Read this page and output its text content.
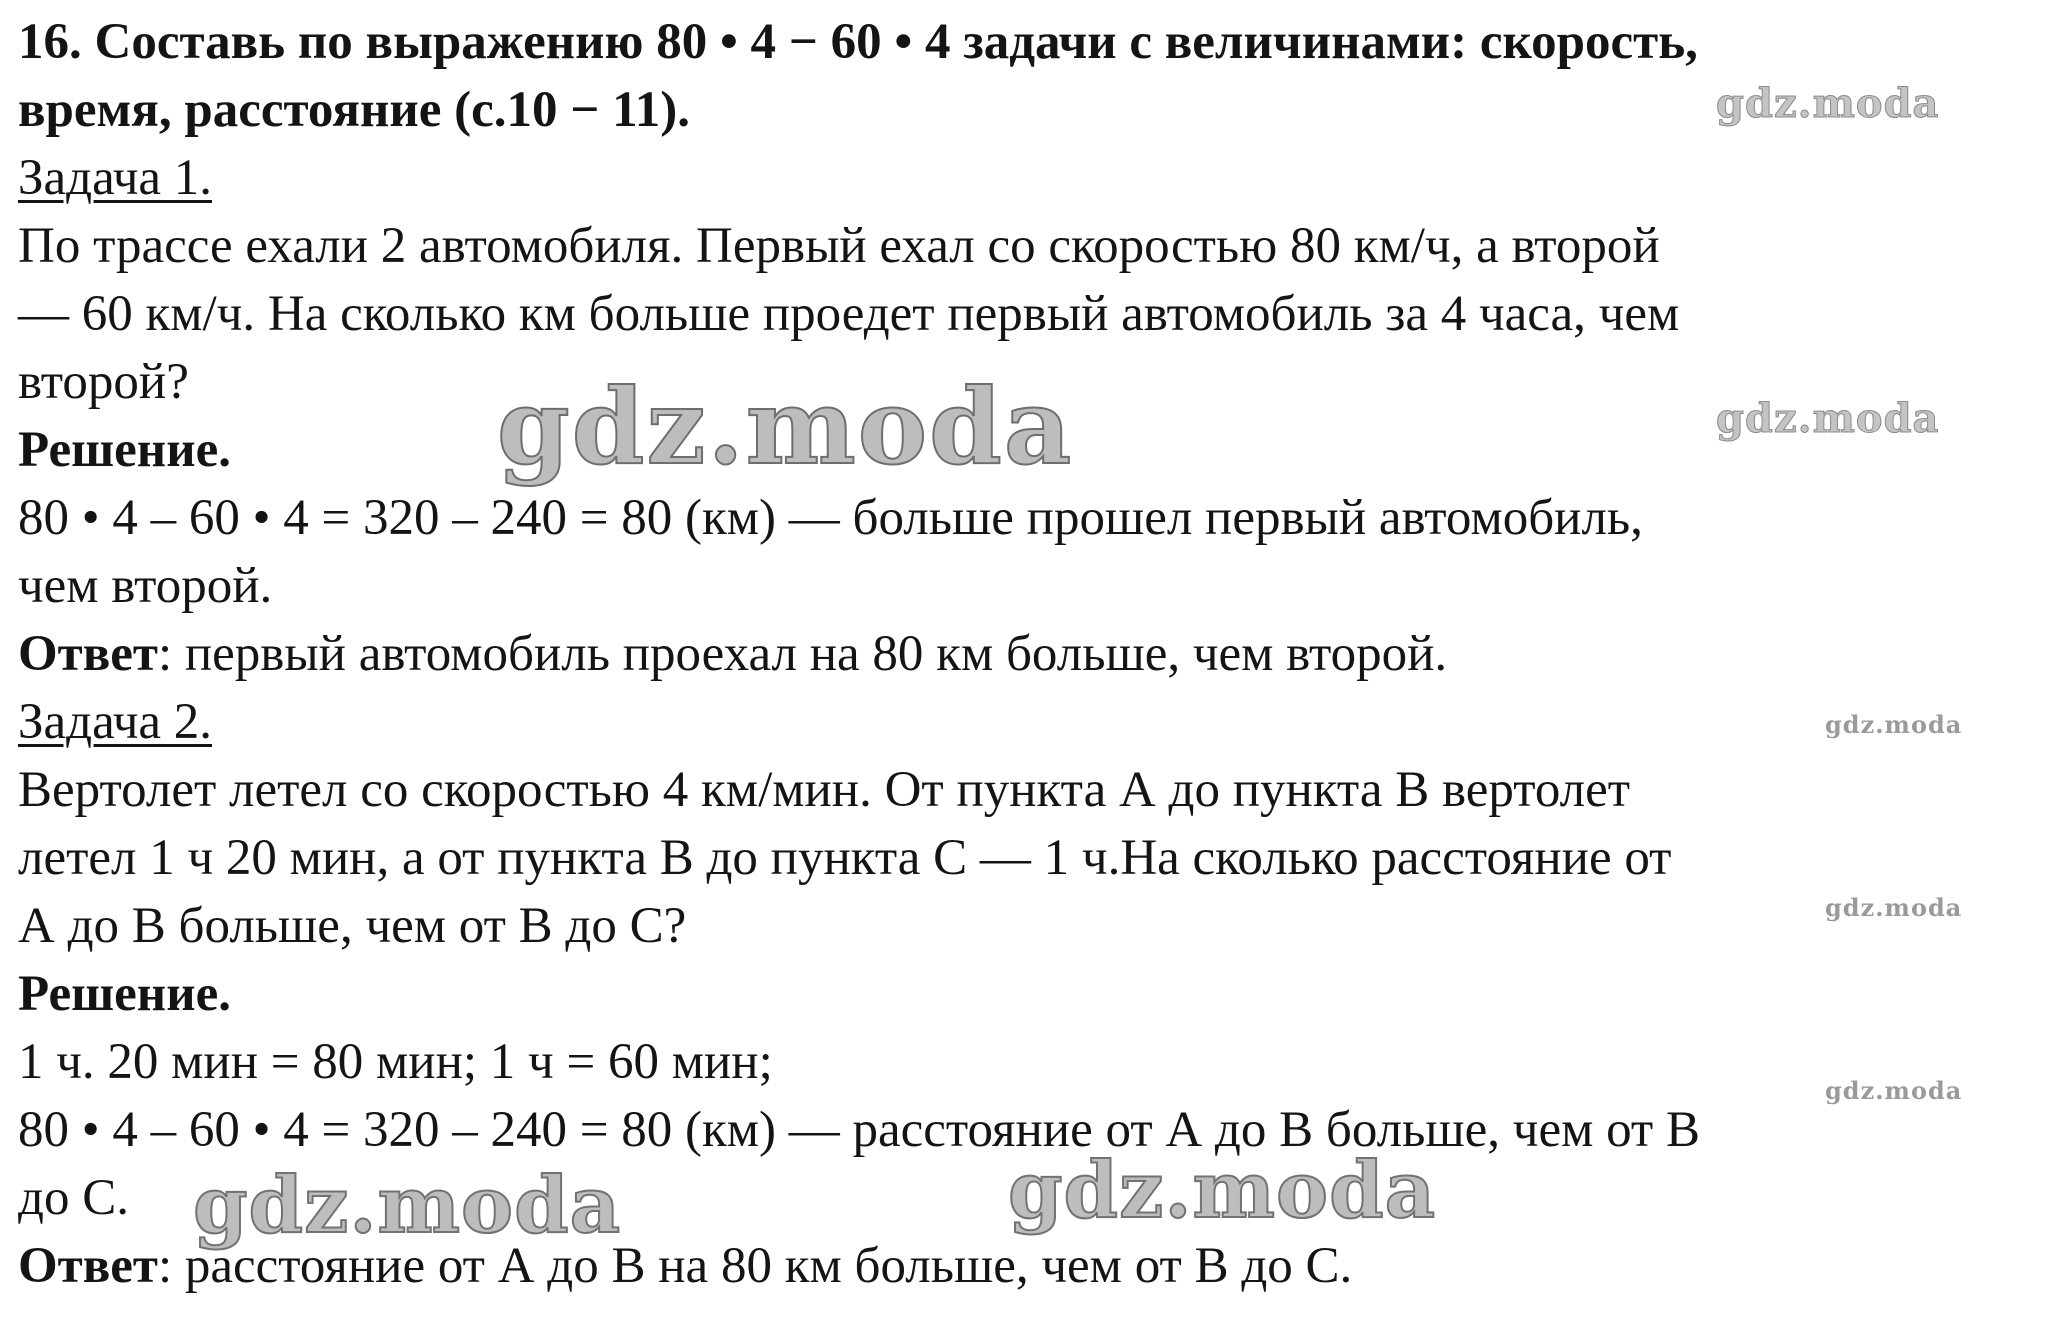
16. Составь по выражению 80 • 4 − 60 • 4 задачи с величинами: скорость,

время, расстояние (с.10 − 11).

Задача 1.

По трассе ехали 2 автомобиля. Первый ехал со скоростью 80 км/ч, а второй

— 60 км/ч. На сколько км больше проедет первый автомобиль за 4 часа, чем

второй?

Решение.

80 • 4 – 60 • 4 = 320 – 240 = 80 (км) — больше прошел первый автомобиль,

чем второй.

Ответ: первый автомобиль проехал на 80 км больше, чем второй.

Задача 2.

Вертолет летел со скоростью 4 км/мин. От пункта А до пункта В вертолет

летел 1 ч 20 мин, а от пункта В до пункта С — 1 ч.На сколько расстояние от

А до В больше, чем от В до С?

Решение.

1 ч. 20 мин = 80 мин; 1 ч = 60 мин;

80 • 4 – 60 • 4 = 320 – 240 = 80 (км) — расстояние от А до В больше, чем от В

до С.

Ответ: расстояние от А до В на 80 км больше, чем от В до С.

gdz.moda
gdz.moda	gdz.moda
gdz.moda
gdz.moda
gdz.moda
gdz.moda	gdz.moda
